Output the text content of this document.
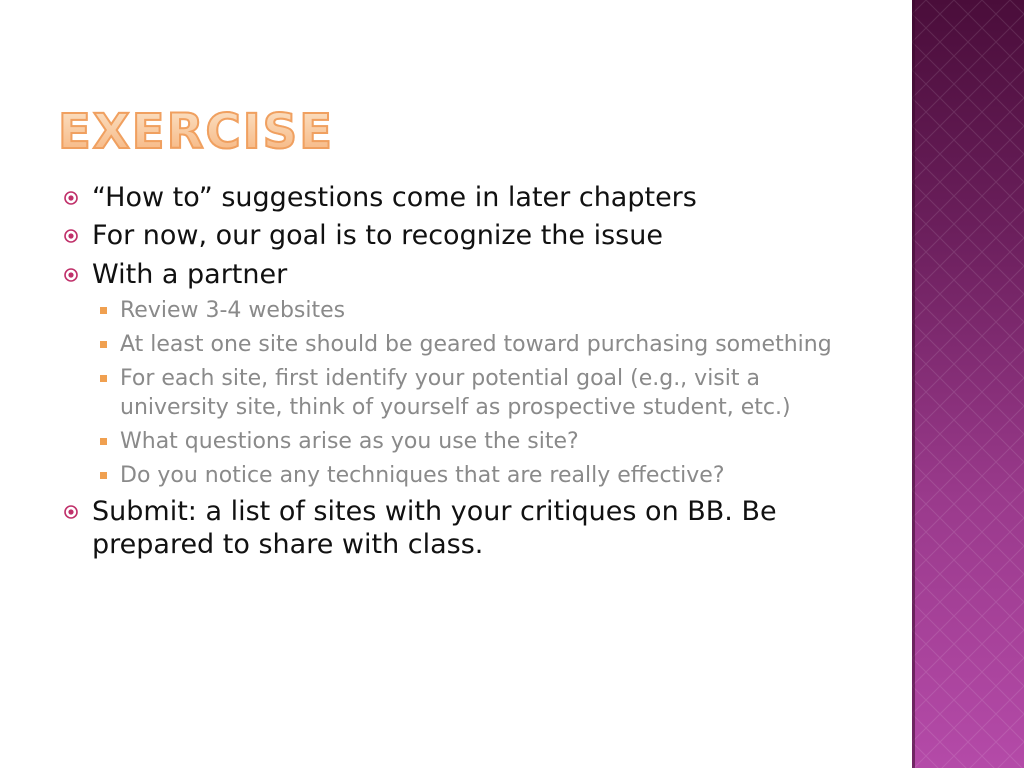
EXERCISE
“How to” suggestions come in later chapters
For now, our goal is to recognize the issue
With a partner
Review 3-4 websites
At least one site should be geared toward purchasing something
For each site, first identify your potential goal (e.g., visit a university site, think of yourself as prospective student, etc.)
What questions arise as you use the site?
Do you notice any techniques that are really effective?
Submit: a list of sites with your critiques on BB. Be prepared to share with class.
